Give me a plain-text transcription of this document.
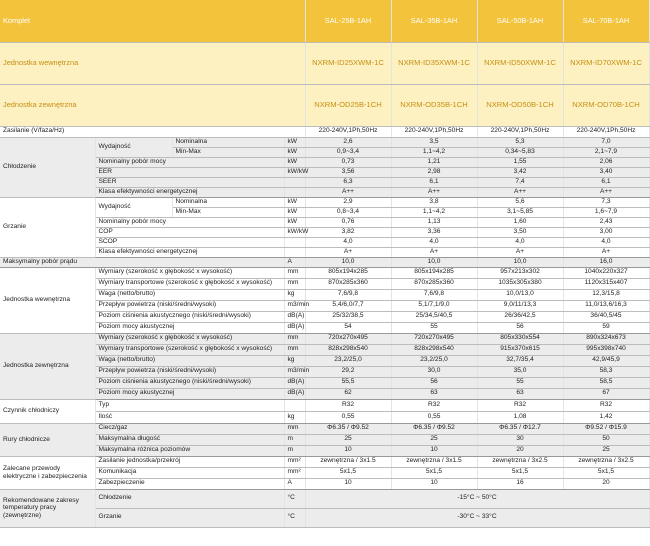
Komplet				SAL-25B-1AH	SAL-35B-1AH	SAL-50B-1AH	SAL-70B-1AH
Jednostka wewnętrzna				NXRM-ID25XWM-1C	NXRM-ID35XWM-1C	NXRM-ID50XWM-1C	NXRM-ID70XWM-1C
Jednostka zewnętrzna				NXRM-OD25B-1CH	NXRM-OD35B-1CH	NXRM-OD50B-1CH	NXRM-OD70B-1CH
Zasilanie (V/faza/Hz)				220-240V,1Ph,50Hz	220-240V,1Ph,50Hz	220-240V,1Ph,50Hz	220-240V,1Ph,50Hz
Chłodzenie	Wydajność	Nominalna	kW	2,6	3,5	5,3	7,0
		Min-Max	kW	0,9~3,4	1,1~4,2	0,34~5,83	2,1~7,9
	Nominalny pobór mocy		kW	0,73	1,21	1,55	2,06
	EER		kW/kW	3,56	2,98	3,42	3,40
	SEER			6,3	6,1	7,4	6,1
	Klasa efektywności energetycznej			A++	A++	A++	A++
Grzanie	Wydajność	Nominalna	kW	2,9	3,8	5,6	7,3
		Min-Max	kW	0,8~3,4	1,1~4,2	3,1~5,85	1,6~7,9
	Nominalny pobór mocy		kW	0,76	1,13	1,60	2,43
	COP		kW/kW	3,82	3,36	3,50	3,00
	SCOP			4,0	4,0	4,0	4,0
	Klasa efektywności energetycznej			A+	A+	A+	A+
Maksymalny pobór prądu			A	10,0	10,0	10,0	16,0
Jednostka wewnętrzna	Wymiary (szerokość x głębokość x wysokość)		mm	805x194x285	805x194x285	957x213x302	1040x220x327
	Wymiary transportowe (szerokość x głębokość x wysokość)		mm	870x285x360	870x285x360	1035x305x380	1120x315x407
	Waga (netto/brutto)		kg	7,6/9,8	7,6/9,8	10,0/13,0	12,3/15,8
	Przepływ powietrza (niski/średni/wysoki)		m3/min	5,4/6,0/7,7	5,1/7,1/9,0	9,0/11/13,3	11,0/13,6/16,3
	Poziom ciśnienia akustycznego (niski/średni/wysoki)		dB(A)	25/32/38,5	25/34,5/40,5	26/36/42,5	36/40,5/45
	Poziom mocy akustycznej		dB(A)	54	55	56	59
Jednostka zewnętrzna	Wymiary (szerokość x głębokość x wysokość)		mm	720x270x495	720x270x495	805x330x554	890x324x673
	Wymiary transportowe (szerokość x głębokość x wysokość)		mm	828x298x540	828x298x540	915x370x615	995x398x740
	Waga (netto/brutto)		kg	23,2/25,0	23,2/25,0	32,7/35,4	42,9/45,9
	Przepływ powietrza (niski/średni/wysoki)		m3/min	29,2	30,0	35,0	58,3
	Poziom ciśnienia akustycznego (niski/średni/wysoki)		dB(A)	55,5	56	55	58,5
	Poziom mocy akustycznej		dB(A)	62	63	63	67
Czynnik chłodniczy	Typ			R32	R32	R32	R32
	Ilość		kg	0,55	0,55	1,08	1,42
Rury chłodnicze	Ciecz/gaz		mm	Φ6.35 / Φ9.52	Φ6.35 / Φ9.52	Φ6.35 / Φ12.7	Φ9.52 / Φ15.9
	Maksymalna długość		m	25	25	30	50
	Maksymalna różnica poziomów		m	10	10	20	25
Zalecane przewody elektryczne i zabezpieczenia	Zasilanie jednostka/przekrój		mm²	zewnętrzna / 3x1.5	zewnętrzna / 3x1.5	zewnętrzna / 3x2.5	zewnętrzna / 3x2.5
	Komunikacja		mm²	5x1,5	5x1,5	5x1,5	5x1,5
	Zabezpieczenie		A	10	10	16	20
Rekomendowane zakresy temperatury pracy (zewnętrzne)	Chłodzenie		°C	-15°C ~ 50°C			
	Grzanie		°C	-30°C ~ 33°C			
